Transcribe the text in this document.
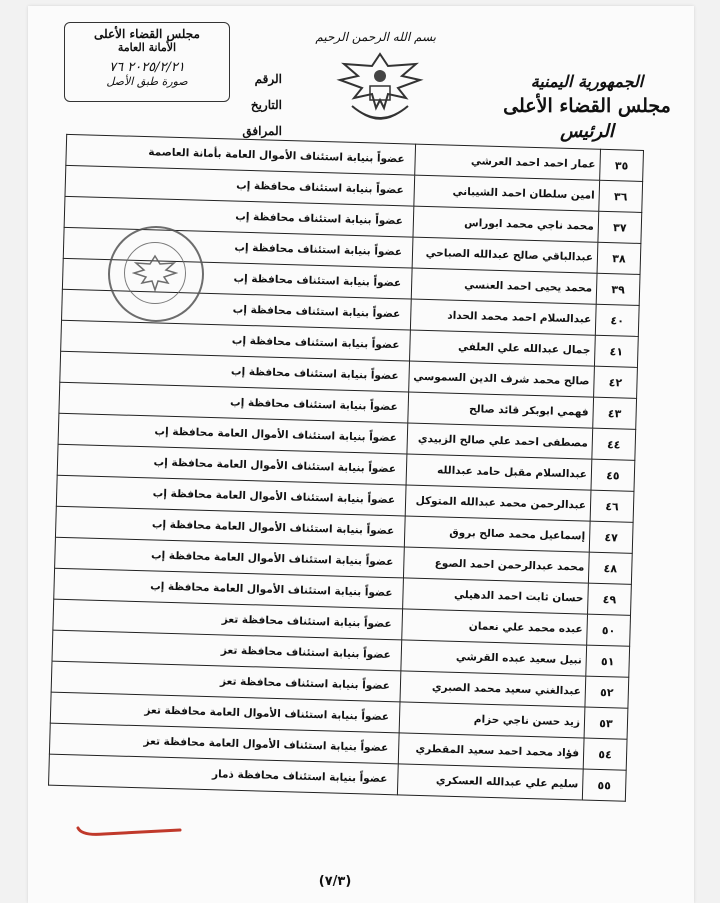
الجمهورية اليمنية
مجلس القضاء الأعلى
الرئيس
بسم الله الرحمن الرحيم
مجلس القضاء الأعلى
الأمانة العامة
٢٠٢٥/٢/٢١ ٧٦
صورة طبق الأصل	الرقم
التاريخ
المرافق
٣٥	عمار احمد احمد العرشي	عضواً بنيابة استئناف الأموال العامة بأمانة العاصمة
٣٦	امين سلطان احمد الشيباني	عضواً بنيابة استئناف محافظة إب
٣٧	محمد ناجي محمد ابوراس	عضواً بنيابة استئناف محافظة إب
٣٨	عبدالباقي صالح عبدالله الصباحي	عضواً بنيابة استئناف محافظة إب
٣٩	محمد يحيى احمد العنسي	عضواً بنيابة استئناف محافظة إب
٤٠	عبدالسلام احمد محمد الحداد	عضواً بنيابة استئناف محافظة إب
٤١	جمال عبدالله علي العلفي	عضواً بنيابة استئناف محافظة إب
٤٢	صالح محمد شرف الدين السموسي	عضواً بنيابة استئناف محافظة إب
٤٣	فهمي ابوبكر قائد صالح	عضواً بنيابة استئناف محافظة إب
٤٤	مصطفى احمد علي صالح الزبيدي	عضواً بنيابة استئناف الأموال العامة محافظة إب
٤٥	عبدالسلام مقبل حامد عبدالله	عضواً بنيابة استئناف الأموال العامة محافظة إب
٤٦	عبدالرحمن محمد عبدالله المتوكل	عضواً بنيابة استئناف الأموال العامة محافظة إب
٤٧	إسماعيل محمد صالح بروق	عضواً بنيابة استئناف الأموال العامة محافظة إب
٤٨	محمد عبدالرحمن احمد الصوع	عضواً بنيابة استئناف الأموال العامة محافظة إب
٤٩	حسان ثابت احمد الدهيلي	عضواً بنيابة استئناف الأموال العامة محافظة إب
٥٠	عبده محمد علي نعمان	عضواً بنيابة استئناف محافظة تعز
٥١	نبيل سعيد عبده القرشي	عضواً بنيابة استئناف محافظة تعز
٥٢	عبدالغني سعيد محمد الصبري	عضواً بنيابة استئناف محافظة تعز
٥٣	زيد حسن ناجي حزام	عضواً بنيابة استئناف الأموال العامة محافظة تعز
٥٤	فؤاد محمد احمد سعيد المقطري	عضواً بنيابة استئناف الأموال العامة محافظة تعز
٥٥	سليم علي عبدالله العسكري	عضواً بنيابة استئناف محافظة ذمار
(٧/٣)
